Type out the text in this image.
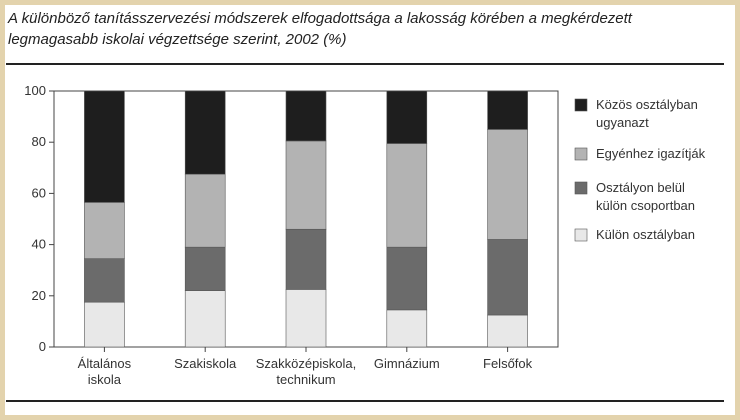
A különböző tanításszervezési módszerek elfogadottsága a lakosság körében a megkérdezett legmagasabb iskolai végzettsége szerint, 2002 (%)
0
20
40
60
80
100
Általános
iskola
Szakiskola Szakközépiskola,
technikum
Gimnázium	Felsőfok
Közös osztályban
ugyanazt
Egyénhez igazítják
Osztályon belül
külön csoportban
Külön osztályban
